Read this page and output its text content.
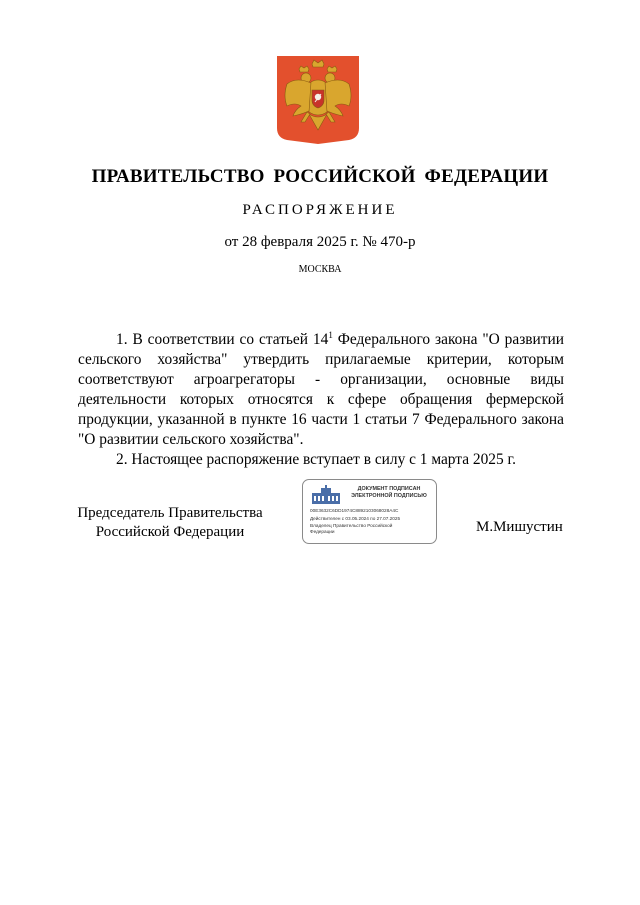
ПРАВИТЕЛЬСТВО РОССИЙСКОЙ ФЕДЕРАЦИИ
РАСПОРЯЖЕНИЕ
от 28 февраля 2025 г. № 470-р
МОСКВА

1. В соответствии со статьей $14^1$ Федерального закона "О развитии сельского хозяйства" утвердить прилагаемые критерии, которым соответствуют агроагрегаторы - организации, основные виды деятельности которых относятся к сфере обращения фермерской продукции, указанной в пункте 16 части 1 статьи 7 Федерального закона "О развитии сельского хозяйства".

2. Настоящее распоряжение вступает в силу с 1 марта 2025 г.

Председатель Правительства
Российской Федерации
ДОКУМЕНТ ПОДПИСАН
ЭЛЕКТРОННОЙ ПОДПИСЬЮ
00E3632C6DD1974C8892103068028A4C
Действителен с 03.05.2024 по 27.07.2025
Владелец Правительство Российской
Федерации	М.Мишустин
